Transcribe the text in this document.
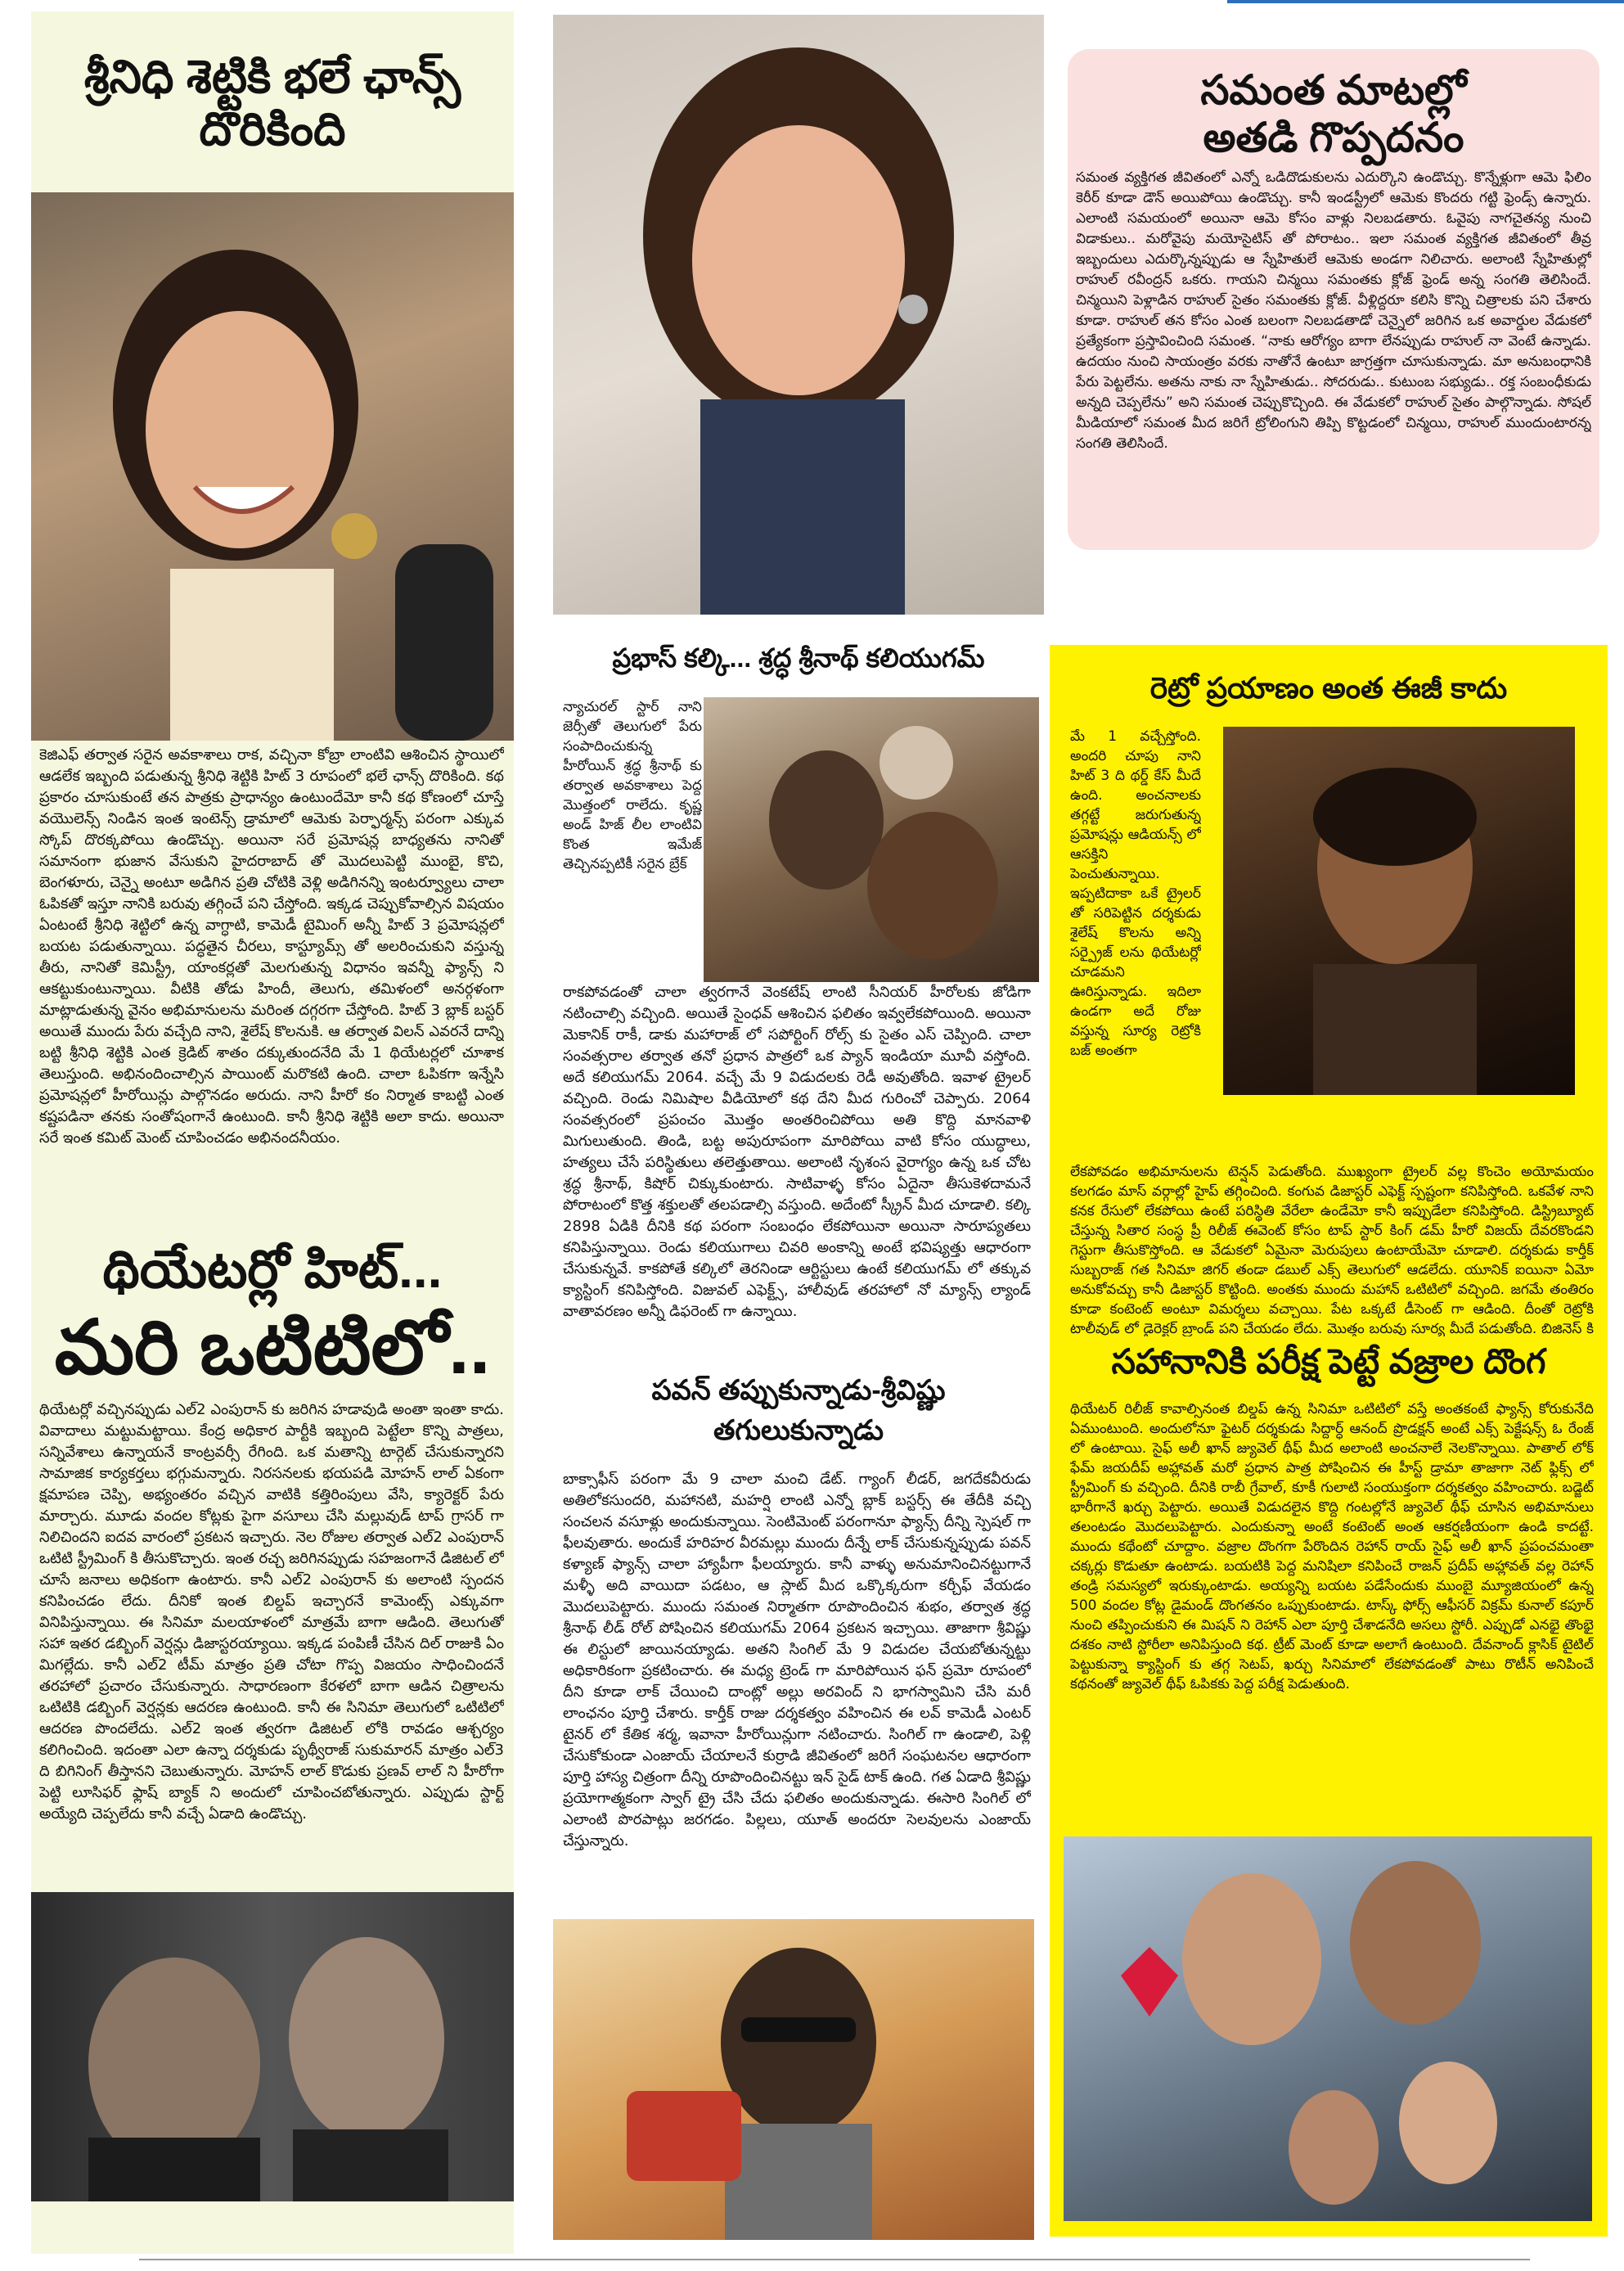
శ్రీనిధి శెట్టికి భలే ఛాన్స్
దొరికింది
కెజిఎఫ్ తర్వాత సరైన అవకాశాలు రాక, వచ్చినా కోబ్రా లాంటివి ఆశించిన స్థాయిలో ఆడలేక ఇబ్బంది పడుతున్న శ్రీనిధి శెట్టికి హిట్ 3 రూపంలో భలే ఛాన్స్ దొరికింది. కథ ప్రకారం చూసుకుంటే తన పాత్రకు ప్రాధాన్యం ఉంటుందేమో కానీ కథ కోణంలో చూస్తే వయొలెన్స్ నిండిన ఇంత ఇంటెన్స్ డ్రామాలో ఆమెకు పెర్ఫార్మన్స్ పరంగా ఎక్కువ స్కోప్ దొరక్కపోయి ఉండొచ్చు. అయినా సరే ప్రమోషన్ల బాధ్యతను నానితో సమానంగా భుజాన వేసుకుని హైదరాబాద్ తో మొదలుపెట్టి ముంబై, కొచి, బెంగళూరు, చెన్నై అంటూ అడిగిన ప్రతి చోటికి వెళ్లి అడిగినన్ని ఇంటర్వ్యూలు చాలా ఓపికతో ఇస్తూ నానికి బరువు తగ్గించే పని చేస్తోంది. ఇక్కడ చెప్పుకోవాల్సిన విషయం ఏంటంటే శ్రీనిధి శెట్టిలో ఉన్న వాగ్ధాటి, కామెడీ టైమింగ్ అన్నీ హిట్ 3 ప్రమోషన్లలో బయట పడుతున్నాయి. పద్ధతైన చీరలు, కాస్ట్యూమ్స్ తో అలరించుకుని వస్తున్న తీరు, నానితో కెమిస్ట్రీ, యాంకర్లతో మెలగుతున్న విధానం ఇవన్నీ ఫ్యాన్స్ ని ఆకట్టుకుంటున్నాయి. వీటికి తోడు హిందీ, తెలుగు, తమిళంలో అనర్గళంగా మాట్లాడుతున్న వైనం అభిమానులను మరింత దగ్గరగా చేస్తోంది. హిట్ 3 బ్లాక్ బస్టర్ అయితే ముందు పేరు వచ్చేది నాని, శైలేష్ కొలనుకి. ఆ తర్వాత విలన్ ఎవరనే దాన్ని బట్టి శ్రీనిధి శెట్టికి ఎంత క్రెడిట్ శాతం దక్కుతుందనేది మే 1 థియేటర్లలో చూశాక తెలుస్తుంది. అభినందించాల్సిన పాయింట్ మరొకటి ఉంది. చాలా ఓపికగా ఇన్నేసి ప్రమోషన్లలో హీరోయిన్లు పాల్గొనడం అరుదు. నాని హీరో కం నిర్మాత కాబట్టి ఎంత కష్టపడినా తనకు సంతోషంగానే ఉంటుంది. కానీ శ్రీనిధి శెట్టికి అలా కాదు. అయినా సరే ఇంత కమిట్ మెంట్ చూపించడం అభినందనీయం.
థియేటర్లో హిట్...
మరి ఒటిటిలో..
థియేటర్లో వచ్చినప్పుడు ఎల్2 ఎంపురాన్ కు జరిగిన హడావుడి అంతా ఇంతా కాదు. వివాదాలు మట్టుమట్టాయి. కేంద్ర అధికార పార్టీకి ఇబ్బంది పెట్టేలా కొన్ని పాత్రలు, సన్నివేశాలు ఉన్నాయనే కాంట్రవర్సీ రేగింది. ఒక మతాన్ని టార్గెట్ చేసుకున్నారని సామాజిక కార్యకర్తలు భగ్గుమన్నారు. నిరసనలకు భయపడి మోహన్ లాల్ ఏకంగా క్షమాపణ చెప్పి, అభ్యంతరం వచ్చిన వాటికి కత్తిరింపులు వేసి, క్యారెక్టర్ పేరు మార్చారు. మూడు వందల కోట్లకు పైగా వసూలు చేసి మల్లువుడ్ టాప్ గ్రాసర్ గా నిలిచిందని ఐదవ వారంలో ప్రకటన ఇచ్చారు. నెల రోజుల తర్వాత ఎల్2 ఎంపురాన్ ఒటిటి స్ట్రీమింగ్ కి తీసుకొచ్చారు. ఇంత రచ్చ జరిగినప్పుడు సహజంగానే డిజిటల్ లో చూసే జనాలు అధికంగా ఉంటారు. కానీ ఎల్2 ఎంపురాన్ కు అలాంటి స్పందన కనిపించడం లేదు. దీనికో ఇంత బిల్డప్ ఇచ్చారనే కామెంట్స్ ఎక్కువగా వినిపిస్తున్నాయి. ఈ సినిమా మలయాళంలో మాత్రమే బాగా ఆడింది. తెలుగుతో సహా ఇతర డబ్బింగ్ వెర్షన్లు డిజాస్టరయ్యాయి. ఇక్కడ పంపిణీ చేసిన దిల్ రాజుకి ఏం మిగల్లేదు. కానీ ఎల్2 టీమ్ మాత్రం ప్రతి చోటా గొప్ప విజయం సాధించిందనే తరహాలో ప్రచారం చేసుకున్నారు. సాధారణంగా కేరళలో బాగా ఆడిన చిత్రాలను ఒటిటికి డబ్బింగ్ వెర్షన్లకు ఆదరణ ఉంటుంది. కానీ ఈ సినిమా తెలుగులో ఒటిటిలో ఆదరణ పొందలేదు. ఎల్2 ఇంత త్వరగా డిజిటల్ లోకి రావడం ఆశ్చర్యం కలిగించింది. ఇదంతా ఎలా ఉన్నా దర్శకుడు పృథ్వీరాజ్ సుకుమారన్ మాత్రం ఎల్3 ది బిగినింగ్ తీస్తానని చెబుతున్నారు. మోహన్ లాల్ కొడుకు ప్రణవ్ లాల్ ని హీరోగా పెట్టి లూసిఫర్ ఫ్లాష్ బ్యాక్ ని అందులో చూపించబోతున్నారు. ఎప్పుడు స్టార్ట్ అయ్యేది చెప్పలేదు కానీ వచ్చే ఏడాది ఉండొచ్చు.
ప్రభాస్ కల్కి... శ్రద్ధ శ్రీనాథ్ కలియుగమ్
న్యాచురల్ స్టార్ నాని జెర్సీతో తెలుగులో పేరు సంపాదించుకున్న హీరోయిన్ శ్రద్ధ శ్రీనాథ్ కు తర్వాత అవకాశాలు పెద్ద మొత్తంలో రాలేదు. కృష్ణ అండ్ హిజ్ లీల లాంటివి కొంత ఇమేజ్ తెచ్చినప్పటికీ సరైన బ్రేక్
రాకపోవడంతో చాలా త్వరగానే వెంకటేష్ లాంటి సీనియర్ హీరోలకు జోడిగా నటించాల్సి వచ్చింది. అయితే సైంధవ్ ఆశించిన ఫలితం ఇవ్వలేకపోయింది. అయినా మెకానిక్ రాకీ, డాకు మహారాజ్ లో సపోర్టింగ్ రోల్స్ కు సైతం ఎస్ చెప్పింది. చాలా సంవత్సరాల తర్వాత తనో ప్రధాన పాత్రలో ఒక ప్యాన్ ఇండియా మూవీ వస్తోంది. అదే కలియుగమ్ 2064. వచ్చే మే 9 విడుదలకు రెడీ అవుతోంది. ఇవాళ ట్రైలర్ వచ్చింది. రెండు నిమిషాల వీడియోలో కథ దేని మీద గురించో చెప్పారు. 2064 సంవత్సరంలో ప్రపంచం మొత్తం అంతరించిపోయి అతి కొద్ది మానవాళి మిగులుతుంది. తిండి, బట్ట అపురూపంగా మారిపోయి వాటి కోసం యుద్ధాలు, హత్యలు చేసే పరిస్థితులు తలెత్తుతాయి. అలాంటి నృశంస వైరాగ్యం ఉన్న ఒక చోట శ్రద్ధ శ్రీనాథ్, కిషోర్ చిక్కుకుంటారు. సాటివాళ్ళ కోసం ఏదైనా తీసుకెళదామనే పోరాటంలో కొత్త శక్తులతో తలపడాల్సి వస్తుంది. అదేంటో స్క్రీన్ మీద చూడాలి. కల్కి 2898 ఏడికి దీనికి కథ పరంగా సంబంధం లేకపోయినా అయినా సారూప్యతలు కనిపిస్తున్నాయి. రెండు కలియుగాలు చివరి అంకాన్ని అంటే భవిష్యత్తు ఆధారంగా చేసుకున్నవే. కాకపోతే కల్కిలో తెరనిండా ఆర్టిస్టులు ఉంటే కలియుగమ్ లో తక్కువ క్యాస్టింగ్ కనిపిస్తోంది. విజువల్ ఎఫెక్ట్స్, హాలీవుడ్ తరహాలో నో మ్యాన్స్ ల్యాండ్ వాతావరణం అన్నీ డిఫరెంట్ గా ఉన్నాయి.
పవన్ తప్పుకున్నాడు-శ్రీవిష్ణు
తగులుకున్నాడు
బాక్సాఫీస్ పరంగా మే 9 చాలా మంచి డేట్. గ్యాంగ్ లీడర్, జగదేకవీరుడు అతిలోకసుందరి, మహానటి, మహర్షి లాంటి ఎన్నో బ్లాక్ బస్టర్స్ ఈ తేదీకి వచ్చి సంచలన వసూళ్లు అందుకున్నాయి. సెంటిమెంట్ పరంగానూ ఫ్యాన్స్ దీన్ని స్పెషల్ గా ఫీలవుతారు. అందుకే హరిహర వీరమల్లు ముందు దీన్నే లాక్ చేసుకున్నప్పుడు పవన్ కళ్యాణ్ ఫ్యాన్స్ చాలా హ్యాపీగా ఫీలయ్యారు. కానీ వాళ్ళు అనుమానించినట్టుగానే మళ్ళీ అది వాయిదా పడటం, ఆ స్లాట్ మీద ఒక్కొక్కరుగా కర్చీఫ్ వేయడం మొదలుపెట్టారు. ముందు సమంత నిర్మాతగా రూపొందించిన శుభం, తర్వాత శ్రద్ధ శ్రీనాథ్ లీడ్ రోల్ పోషించిన కలియుగమ్ 2064 ప్రకటన ఇచ్చాయి. తాజాగా శ్రీవిష్ణు ఈ లిస్టులో జాయినయ్యాడు. అతని సింగిల్ మే 9 విడుదల చేయబోతున్నట్టు అధికారికంగా ప్రకటించారు. ఈ మధ్య ట్రెండ్ గా మారిపోయిన ఫన్ ప్రమో రూపంలో దీని కూడా లాక్ చేయించి దాంట్లో అల్లు అరవింద్ ని భాగస్వామిని చేసి మరీ లాంఛనం పూర్తి చేశారు. కార్తీక్ రాజు దర్శకత్వం వహించిన ఈ లవ్ కామెడీ ఎంటర్ టైనర్ లో కేతిక శర్మ, ఇవానా హీరోయిన్లుగా నటించారు. సింగిల్ గా ఉండాలి, పెళ్లి చేసుకోకుండా ఎంజాయ్ చేయాలనే కుర్రాడి జీవితంలో జరిగే సంఘటనల ఆధారంగా పూర్తి హాస్య చిత్రంగా దీన్ని రూపొందించినట్టు ఇన్ సైడ్ టాక్ ఉంది. గత ఏడాది శ్రీవిష్ణు ప్రయోగాత్మకంగా స్వాగ్ ట్రై చేసి చేదు ఫలితం అందుకున్నాడు. ఈసారి సింగిల్ లో ఎలాంటి పొరపాట్లు జరగడం. పిల్లలు, యూత్ అందరూ సెలవులను ఎంజాయ్ చేస్తున్నారు.
సమంత మాటల్లో
అతడి గొప్పదనం
సమంత వ్యక్తిగత జీవితంలో ఎన్నో ఒడిదొడుకులను ఎదుర్కొని ఉండొచ్చు. కొన్నేళ్లుగా ఆమె ఫిలిం కెరీర్ కూడా డౌన్ అయిపోయి ఉండొచ్చు. కానీ ఇండస్ట్రీలో ఆమెకు కొందరు గట్టి ఫ్రెండ్స్ ఉన్నారు. ఎలాంటి సమయంలో అయినా ఆమె కోసం వాళ్లు నిలబడతారు. ఓవైపు నాగచైతన్య నుంచి విడాకులు.. మరోవైపు మయోసైటిస్ తో పోరాటం.. ఇలా సమంత వ్యక్తిగత జీవితంలో తీవ్ర ఇబ్బందులు ఎదుర్కొన్నప్పుడు ఆ స్నేహితులే ఆమెకు అండగా నిలిచారు. అలాంటి స్నేహితుల్లో రాహుల్ రవీంద్రన్ ఒకరు. గాయని చిన్మయి సమంతకు క్లోజ్ ఫ్రెండ్ అన్న సంగతి తెలిసిందే. చిన్మయిని పెళ్లాడిన రాహుల్ సైతం సమంతకు క్లోజ్. వీళ్లిద్దరూ కలిసి కొన్ని చిత్రాలకు పని చేశారు కూడా. రాహుల్ తన కోసం ఎంత బలంగా నిలబడతాడో చెన్నైలో జరిగిన ఒక అవార్డుల వేడుకలో ప్రత్యేకంగా ప్రస్తావించింది సమంత. “నాకు ఆరోగ్యం బాగా లేనప్పుడు రాహుల్ నా వెంటే ఉన్నాడు. ఉదయం నుంచి సాయంత్రం వరకు నాతోనే ఉంటూ జాగ్రత్తగా చూసుకున్నాడు. మా అనుబంధానికి పేరు పెట్టలేను. అతను నాకు నా స్నేహితుడు.. సోదరుడు.. కుటుంబ సభ్యుడు.. రక్త సంబంధీకుడు అన్నది చెప్పలేను” అని సమంత చెప్పుకొచ్చింది. ఈ వేడుకలో రాహుల్ సైతం పాల్గొన్నాడు. సోషల్ మీడియాలో సమంత మీద జరిగే ట్రోలింగుని తిప్పి కొట్టడంలో చిన్మయి, రాహుల్ ముందుంటారన్న సంగతి తెలిసిందే.
రెట్రో ప్రయాణం అంత ఈజీ కాదు
మే 1 వచ్చేస్తోంది. అందరి చూపు నాని హిట్ 3 ది థర్డ్ కేస్ మీదే ఉంది. అంచనాలకు తగ్గట్టే జరుగుతున్న ప్రమోషన్లు ఆడియన్స్ లో ఆసక్తిని పెంచుతున్నాయి. ఇప్పటిదాకా ఒకే ట్రైలర్ తో సరిపెట్టిన దర్శకుడు శైలేష్ కొలను అన్ని సర్ప్రైజ్ లను థియేటర్లో చూడమని ఊరిస్తున్నాడు. ఇదిలా ఉండగా అదే రోజు వస్తున్న సూర్య రెట్రోకి బజ్ అంతగా
లేకపోవడం అభిమానులను టెన్షన్ పెడుతోంది. ముఖ్యంగా ట్రైలర్ వల్ల కొంచెం అయోమయం కలగడం మాస్ వర్గాల్లో హైప్ తగ్గించింది. కంగువ డిజాస్టర్ ఎఫెక్ట్ స్పష్టంగా కనిపిస్తోంది. ఒకవేళ నాని కనక రేసులో లేకపోయి ఉంటే పరిస్థితి వేరేలా ఉండేమో కానీ ఇప్పుడేలా కనిపిస్తోంది. డిస్ట్రిబ్యూట్ చేస్తున్న సితార సంస్థ ప్రీ రిలీజ్ ఈవెంట్ కోసం టాప్ స్టార్ కింగ్ డమ్ హీరో విజయ్ దేవరకొండని గెస్టుగా తీసుకొస్తోంది. ఆ వేడుకలో ఏమైనా మెరుపులు ఉంటాయేమో చూడాలి. దర్శకుడు కార్తీక్ సుబ్బరాజ్ గత సినిమా జిగర్ తండా డబుల్ ఎక్స్ తెలుగులో ఆడలేదు. యూనిక్ ఐయినా ఏమో అనుకోవచ్చు కానీ డిజాస్టర్ కొట్టింది. అంతకు ముందు మహాన్ ఒటిటిలో వచ్చింది. జగమే తంతిరం కూడా కంటెంట్ అంటూ విమర్శలు వచ్చాయి. పేట ఒక్కటే డీసెంట్ గా ఆడింది. దీంతో రెట్రోకి టాలీవుడ్ లో డైరెక్టర్ బ్రాండ్ పని చేయడం లేదు. మొత్తం బరువు సూర్య మీదే పడుతోంది. బిజినెస్ కి
సహానానికి పరీక్ష పెట్టే వజ్రాల దొంగ
థియేటర్ రిలీజ్ కావాల్సినంత బిల్డప్ ఉన్న సినిమా ఒటిటిలో వస్తే అంతకంటే ఫ్యాన్స్ కోరుకునేది ఏముంటుంది. అందులోనూ ఫైటర్ దర్శకుడు సిద్దార్ధ్ ఆనంద్ ప్రొడక్షన్ అంటే ఎక్స్ పెక్టేషన్స్ ఓ రేంజ్ లో ఉంటాయి. సైఫ్ అలీ ఖాన్ జ్యువెల్ థీఫ్ మీద అలాంటి అంచనాలే నెలకొన్నాయి. పాతాల్ లోక్ ఫేమ్ జయదీప్ అహ్లావత్ మరో ప్రధాన పాత్ర పోషించిన ఈ హీస్ట్ డ్రామా తాజాగా నెట్ ఫ్లిక్స్ లో స్ట్రీమింగ్ కు వచ్చింది. దీనికి రాబీ గ్రేవాల్, కూకీ గులాటి సంయుక్తంగా దర్శకత్వం వహించారు. బడ్జెట్ భారీగానే ఖర్చు పెట్టారు. అయితే విడుదలైన కొద్ది గంటల్లోనే జ్యువెల్ థీఫ్ చూసిన అభిమానులు తలంటడం మొదలుపెట్టారు. ఎందుకున్నా అంటే కంటెంట్ అంత ఆకర్షణీయంగా ఉండి కాదట్టే. ముందు కథేంటో చూద్దాం. వజ్రాల దొంగగా పేరొందిన రెహాన్ రాయ్ సైఫ్ అలీ ఖాన్ ప్రపంచమంతా చక్కర్లు కొడుతూ ఉంటాడు. బయటికి పెద్ద మనిషిలా కనిపించే రాజన్ ప్రదీప్ అహ్లావత్ వల్ల రెహాన్ తండ్రి సమస్యలో ఇరుక్కుంటాడు. అయ్యన్ని బయట పడేసేందుకు ముంబై మ్యూజియంలో ఉన్న 500 వందల కోట్ల డైమండ్ దొంగతనం ఒప్పుకుంటాడు. టాస్క్ ఫోర్స్ ఆఫీసర్ విక్రమ్ కునాల్ కపూర్ నుంచి తప్పించుకుని ఈ మిషన్ ని రెహాన్ ఎలా పూర్తి చేశాడనేది అసలు స్టోరీ. ఎప్పుడో ఎనభై తొంభై దశకం నాటి స్టోరీలా అనిపిస్తుంది కథ. ట్రీట్ మెంట్ కూడా అలాగే ఉంటుంది. దేవనాంద్ క్లాసిక్ టైటిల్ పెట్టుకున్నా క్యాస్టింగ్ కు తగ్గ సెటప్, ఖర్చు సినిమాలో లేకపోవడంతో పాటు రొటీన్ అనిపించే కథనంతో జ్యువెల్ థీఫ్ ఓపికకు పెద్ద పరీక్ష పెడుతుంది.
